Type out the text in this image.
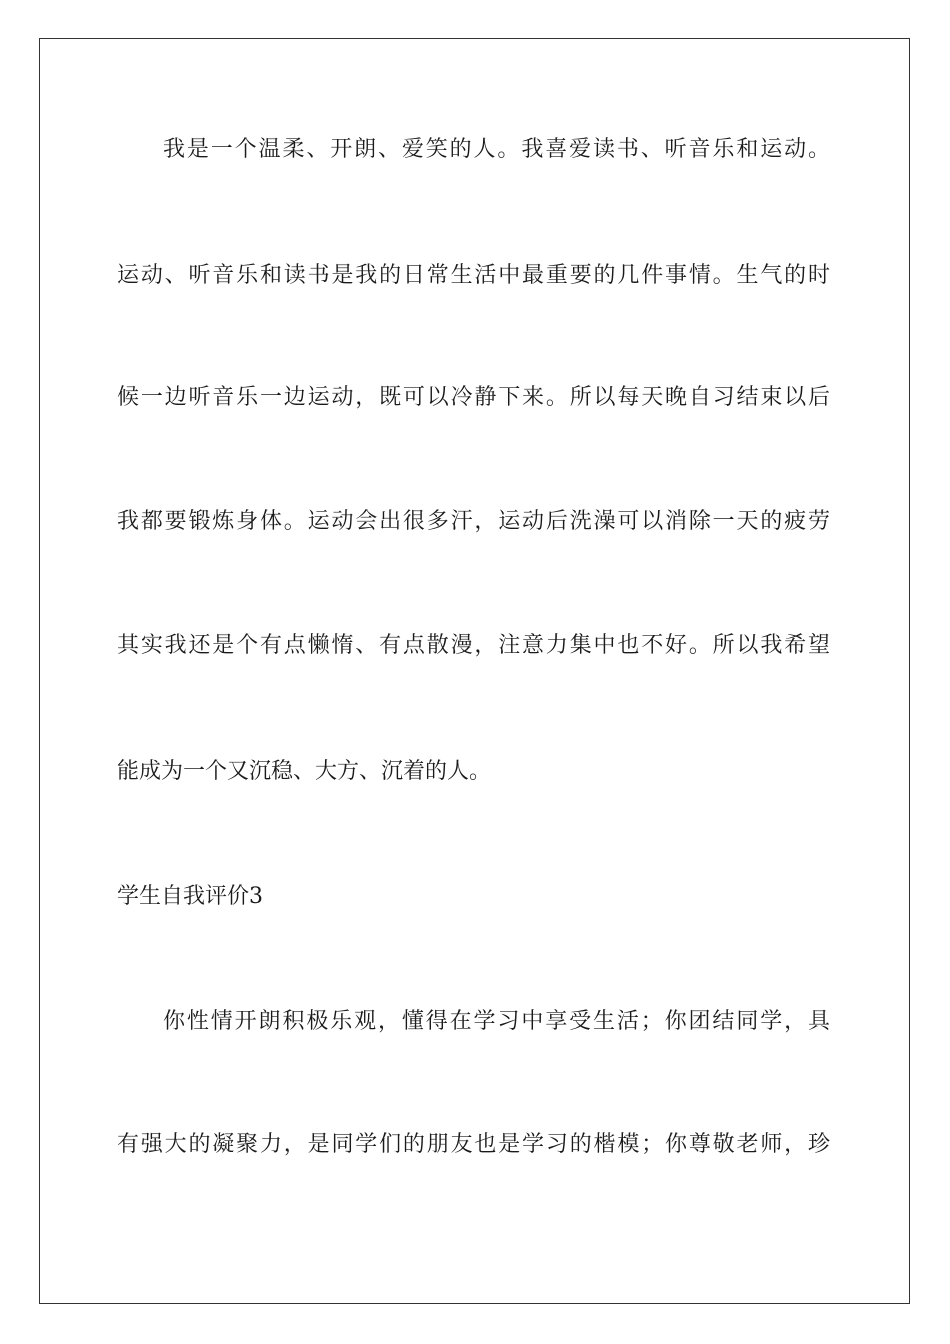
我是一个温柔、开朗、爱笑的人。我喜爱读书、听音乐和运动。
运动、听音乐和读书是我的日常生活中最重要的几件事情。生气的时
候一边听音乐一边运动，既可以冷静下来。所以每天晚自习结束以后
我都要锻炼身体。运动会出很多汗，运动后洗澡可以消除一天的疲劳
其实我还是个有点懒惰、有点散漫，注意力集中也不好。所以我希望
能成为一个又沉稳、大方、沉着的人。
学生自我评价3
你性情开朗积极乐观，懂得在学习中享受生活；你团结同学，具
有强大的凝聚力，是同学们的朋友也是学习的楷模；你尊敬老师，珍
